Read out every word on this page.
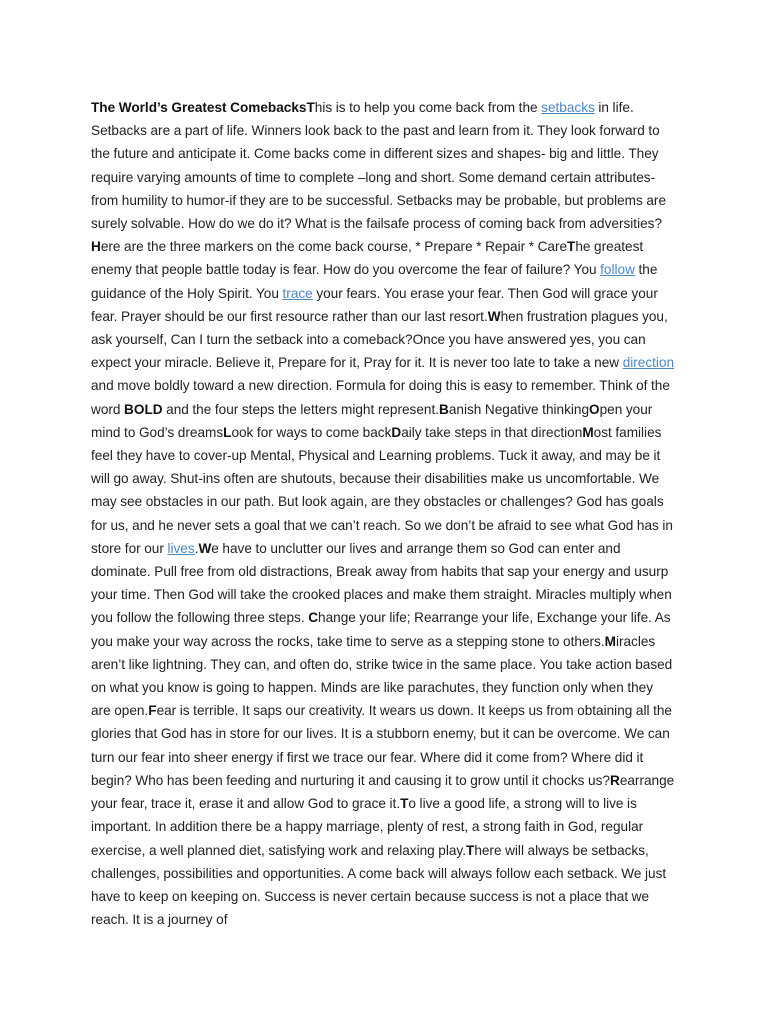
The World’s Greatest ComebacksThis is to help you come back from the setbacks in life. Setbacks are a part of life. Winners look back to the past and learn from it. They look forward to the future and anticipate it. Come backs come in different sizes and shapes- big and little. They require varying amounts of time to complete –long and short. Some demand certain attributes- from humility to humor-if they are to be successful. Setbacks may be probable, but problems are surely solvable. How do we do it? What is the failsafe process of coming back from adversities?Here are the three markers on the come back course, * Prepare * Repair * CareThe greatest enemy that people battle today is fear. How do you overcome the fear of failure? You follow the guidance of the Holy Spirit. You trace your fears. You erase your fear. Then God will grace your fear. Prayer should be our first resource rather than our last resort.When frustration plagues you, ask yourself, Can I turn the setback into a comeback?Once you have answered yes, you can expect your miracle. Believe it, Prepare for it, Pray for it. It is never too late to take a new direction and move boldly toward a new direction. Formula for doing this is easy to remember. Think of the word BOLD and the four steps the letters might represent.Banish Negative thinkingOpen your mind to God’s dreamsLook for ways to come backDaily take steps in that directionMost families feel they have to cover-up Mental, Physical and Learning problems. Tuck it away, and may be it will go away. Shut-ins often are shutouts, because their disabilities make us uncomfortable. We may see obstacles in our path. But look again, are they obstacles or challenges? God has goals for us, and he never sets a goal that we can’t reach. So we don’t be afraid to see what God has in store for our lives.We have to unclutter our lives and arrange them so God can enter and dominate. Pull free from old distractions, Break away from habits that sap your energy and usurp your time. Then God will take the crooked places and make them straight. Miracles multiply when you follow the following three steps. Change your life; Rearrange your life, Exchange your life. As you make your way across the rocks, take time to serve as a stepping stone to others.Miracles aren’t like lightning. They can, and often do, strike twice in the same place. You take action based on what you know is going to happen. Minds are like parachutes, they function only when they are open.Fear is terrible. It saps our creativity. It wears us down. It keeps us from obtaining all the glories that God has in store for our lives. It is a stubborn enemy, but it can be overcome. We can turn our fear into sheer energy if first we trace our fear. Where did it come from? Where did it begin? Who has been feeding and nurturing it and causing it to grow until it chocks us?Rearrange your fear, trace it, erase it and allow God to grace it.To live a good life, a strong will to live is important. In addition there be a happy marriage, plenty of rest, a strong faith in God, regular exercise, a well planned diet, satisfying work and relaxing play.There will always be setbacks, challenges, possibilities and opportunities. A come back will always follow each setback. We just have to keep on keeping on. Success is never certain because success is not a place that we reach. It is a journey of
